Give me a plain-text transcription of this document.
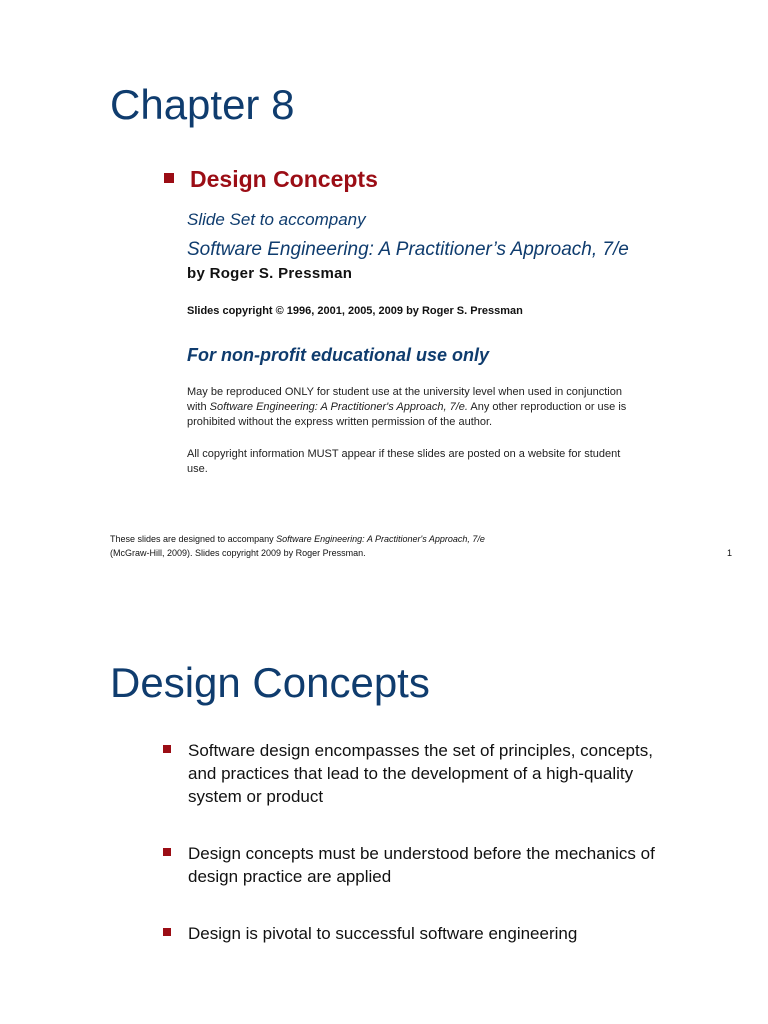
Chapter 8
Design Concepts
Slide Set to accompany
Software Engineering: A Practitioner’s Approach, 7/e
by Roger S. Pressman
Slides copyright © 1996, 2001, 2005, 2009 by Roger S. Pressman
For non-profit educational use only
May be reproduced ONLY for student use at the university level when used in conjunction
with Software Engineering: A Practitioner's Approach, 7/e. Any other reproduction or use is
prohibited without the express written permission of the author.
All copyright information MUST appear if these slides are posted on a website for student
use.
These slides are designed to accompany Software Engineering: A Practitioner's Approach, 7/e
(McGraw-Hill, 2009). Slides copyright 2009 by Roger Pressman.	1
Design Concepts
Software design encompasses the set of principles, concepts,
and practices that lead to the development of a high-quality
system or product
Design concepts must be understood before the mechanics of
design practice are applied
Design is pivotal to successful software engineering
